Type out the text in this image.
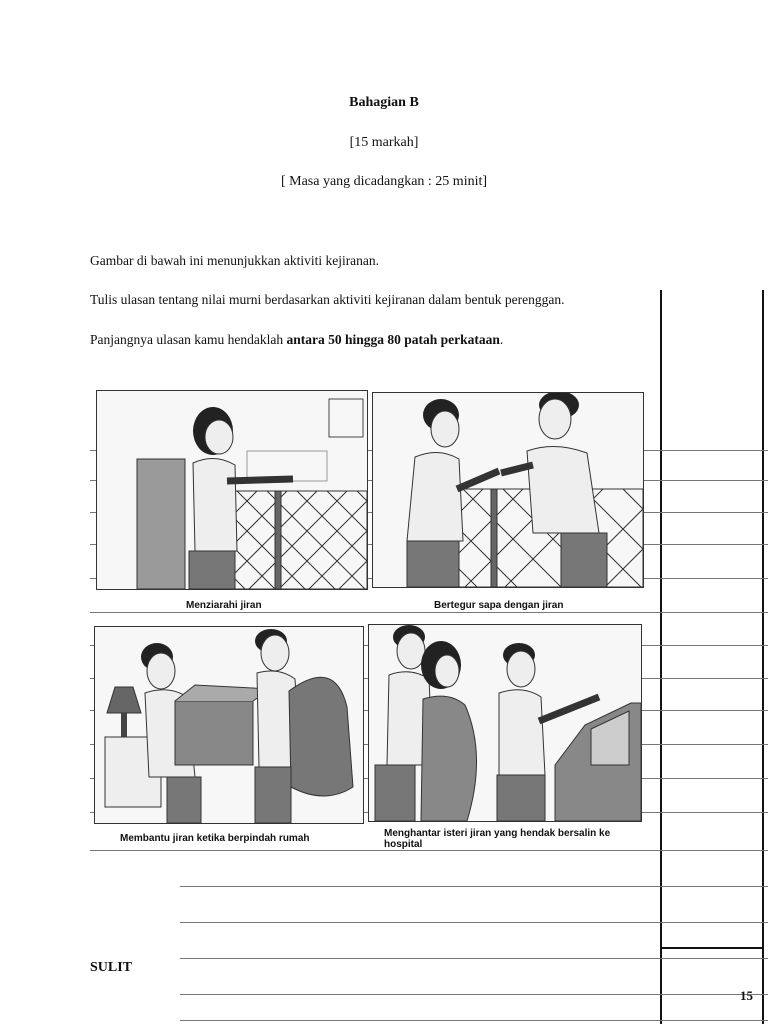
Bahagian B
[15 markah]
[ Masa yang dicadangkan : 25 minit]
Gambar di bawah ini menunjukkan aktiviti kejiranan.
Tulis ulasan tentang nilai murni berdasarkan aktiviti kejiranan dalam bentuk perenggan.
Panjangnya ulasan kamu hendaklah antara 50 hingga 80 patah perkataan.
Menziarahi jiran	Bertegur sapa dengan jiran
Membantu jiran ketika berpindah rumah	Menghantar isteri jiran yang hendak bersalin ke hospital
SULIT
15
